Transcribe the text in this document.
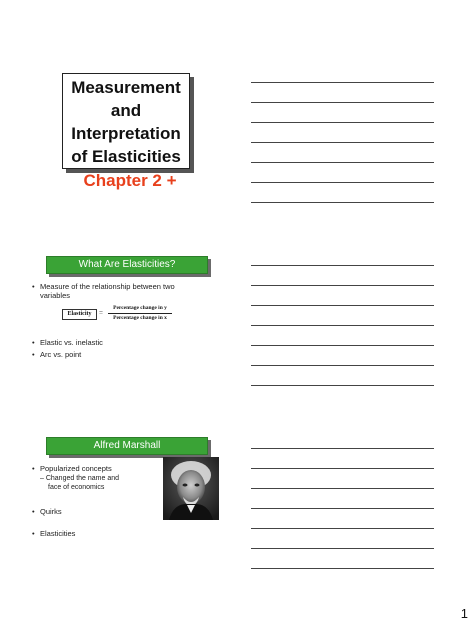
Measurement
and
Interpretation
of Elasticities
Chapter 2 +
What Are Elasticities?
• Measure of the relationship between two
variables
Elasticity	=
Percentage change in y
Percentage change in x
• Elastic vs. inelastic
• Arc vs. point
Alfred Marshall
• Popularized concepts
– Changed the name and
face of economics
• Quirks
• Elasticities
1
